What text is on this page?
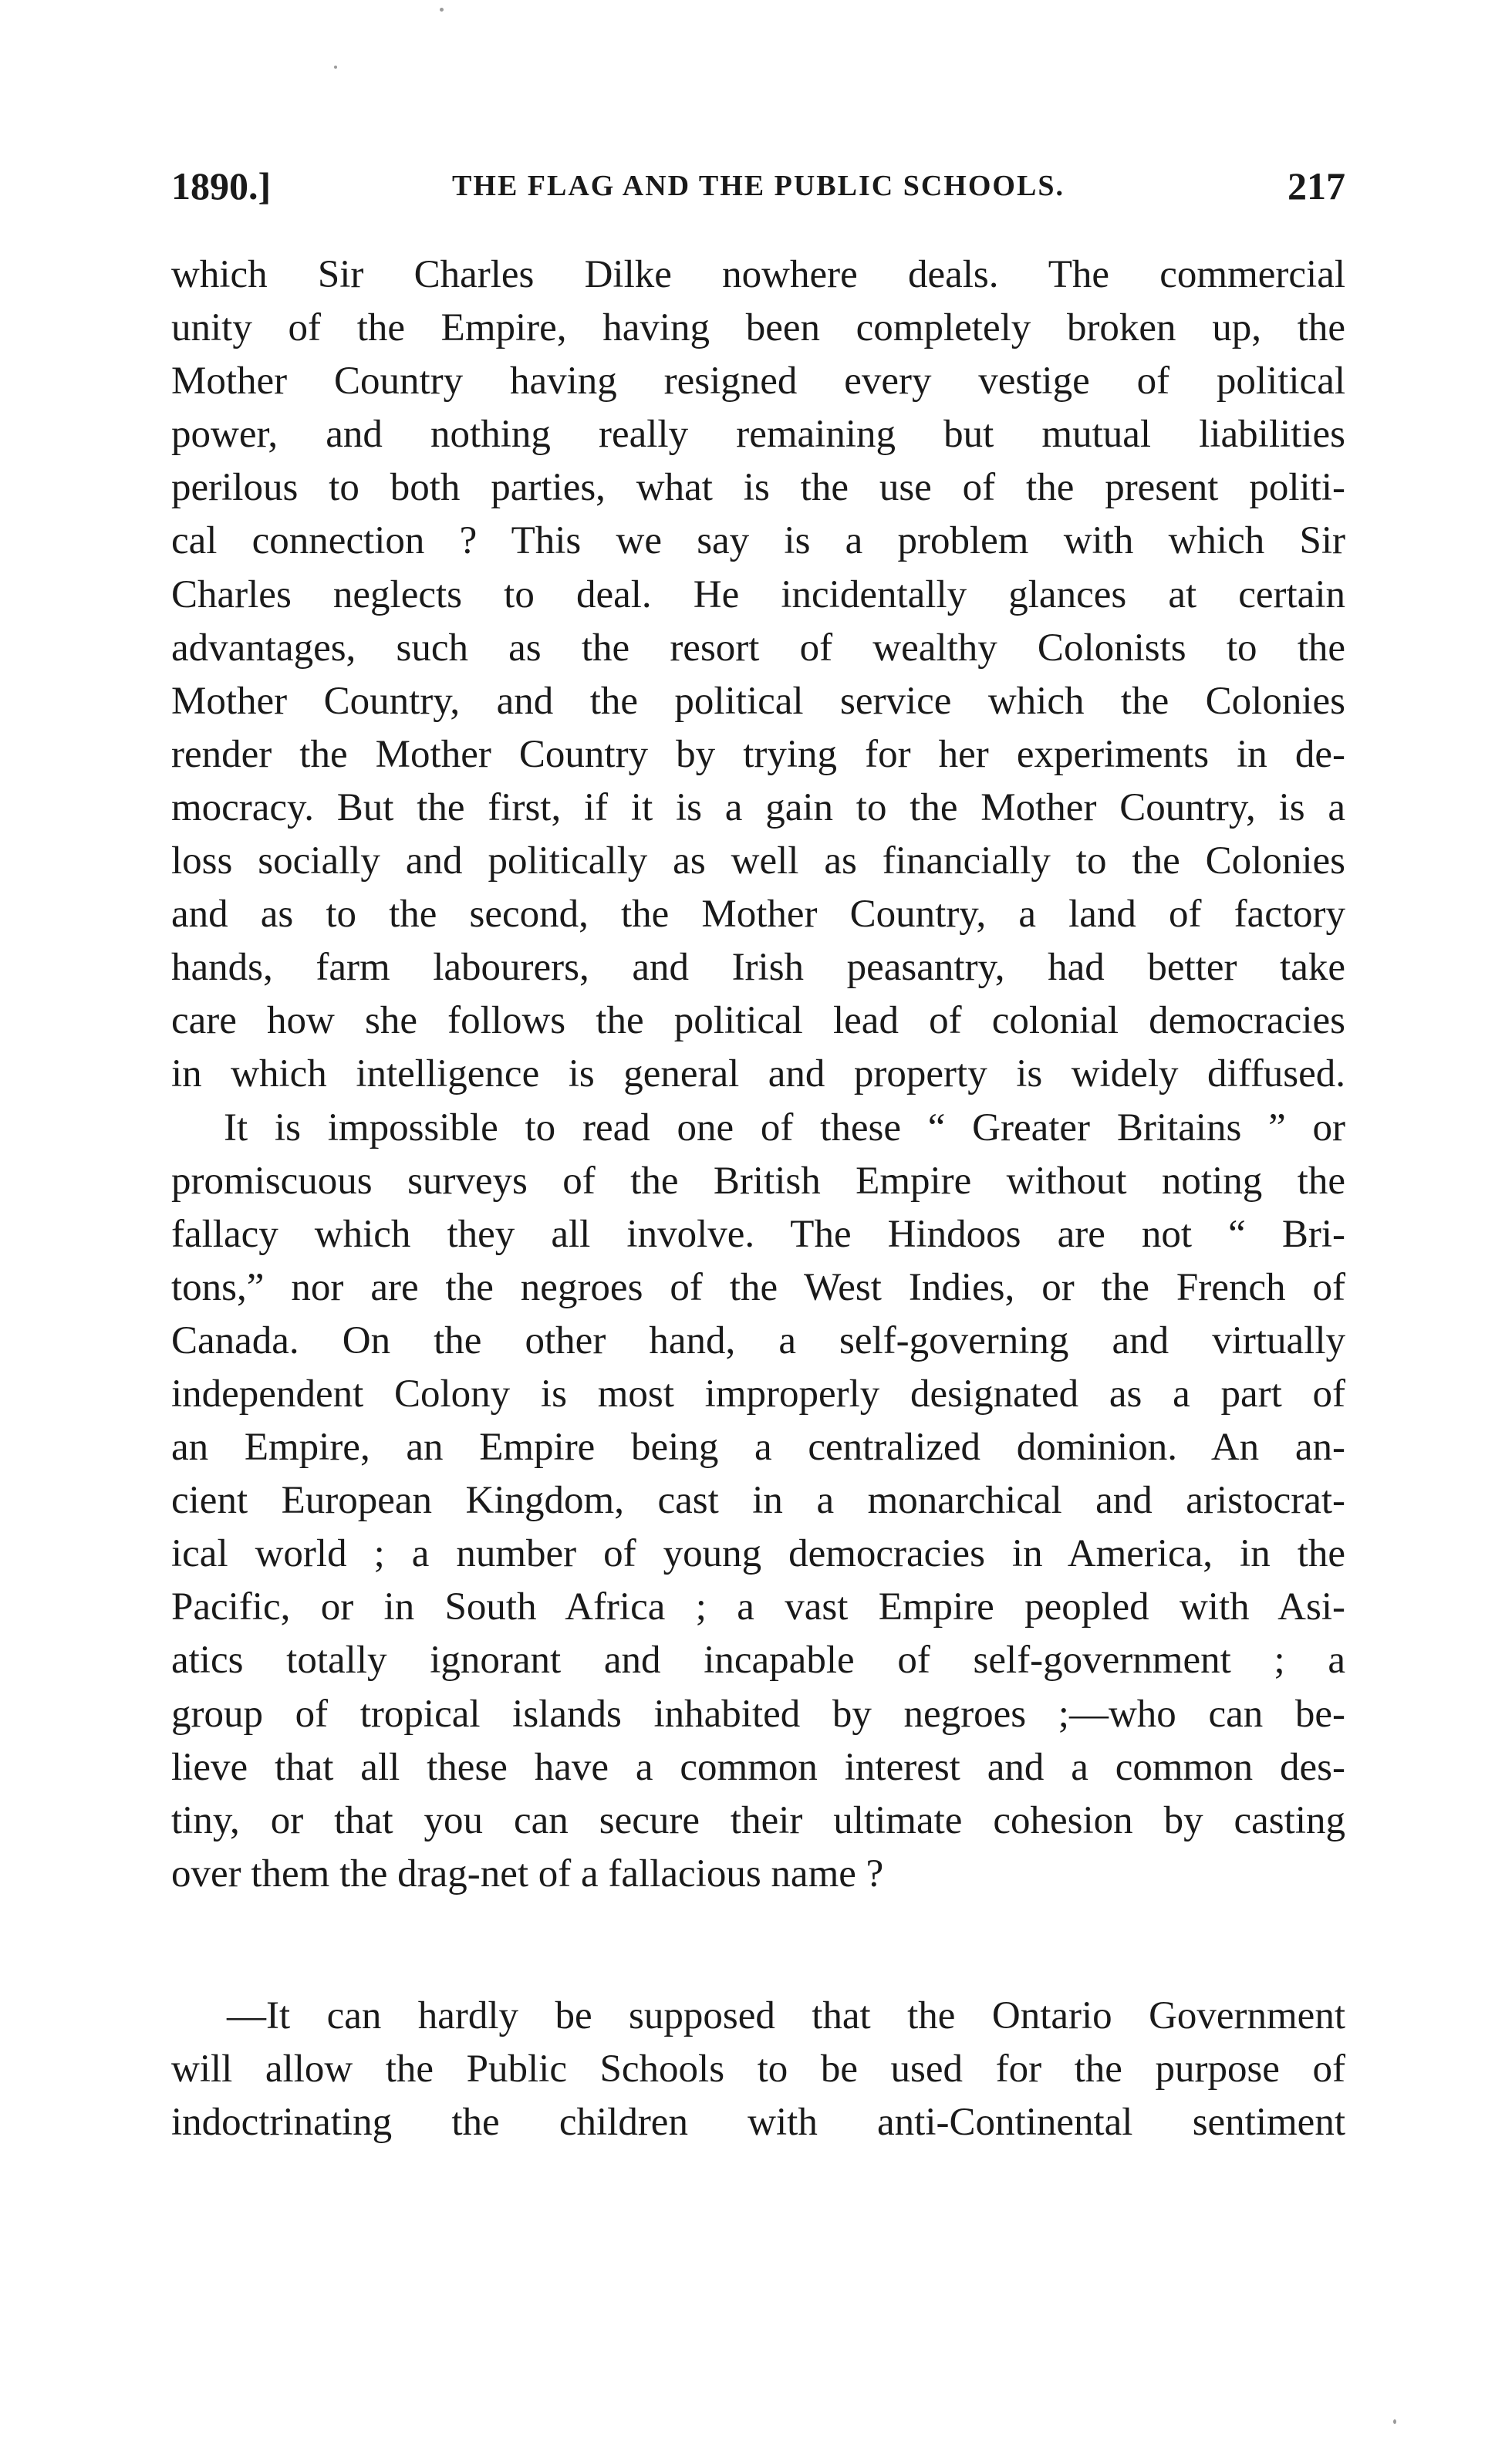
1890.]	THE FLAG AND THE PUBLIC SCHOOLS.	217
which Sir Charles Dilke nowhere deals. The commercial
unity of the Empire, having been completely broken up, the
Mother Country having resigned every vestige of political
power, and nothing really remaining but mutual liabilities
perilous to both parties, what is the use of the present politi-
cal connection ? This we say is a problem with which Sir
Charles neglects to deal. He incidentally glances at certain
advantages, such as the resort of wealthy Colonists to the
Mother Country, and the political service which the Colonies
render the Mother Country by trying for her experiments in de-
mocracy. But the first, if it is a gain to the Mother Country, is a
loss socially and politically as well as financially to the Colonies
and as to the second, the Mother Country, a land of factory
hands, farm labourers, and Irish peasantry, had better take
care how she follows the political lead of colonial democracies
in which intelligence is general and property is widely diffused.
It is impossible to read one of these “ Greater Britains ” or
promiscuous surveys of the British Empire without noting the
fallacy which they all involve. The Hindoos are not “ Bri-
tons,” nor are the negroes of the West Indies, or the French of
Canada. On the other hand, a self-governing and virtually
independent Colony is most improperly designated as a part of
an Empire, an Empire being a centralized dominion. An an-
cient European Kingdom, cast in a monarchical and aristocrat-
ical world ; a number of young democracies in America, in the
Pacific, or in South Africa ; a vast Empire peopled with Asi-
atics totally ignorant and incapable of self-government ; a
group of tropical islands inhabited by negroes ;—who can be-
lieve that all these have a common interest and a common des-
tiny, or that you can secure their ultimate cohesion by casting
over them the drag-net of a fallacious name ?
—It can hardly be supposed that the Ontario Government
will allow the Public Schools to be used for the purpose of
indoctrinating the children with anti-Continental sentiment
